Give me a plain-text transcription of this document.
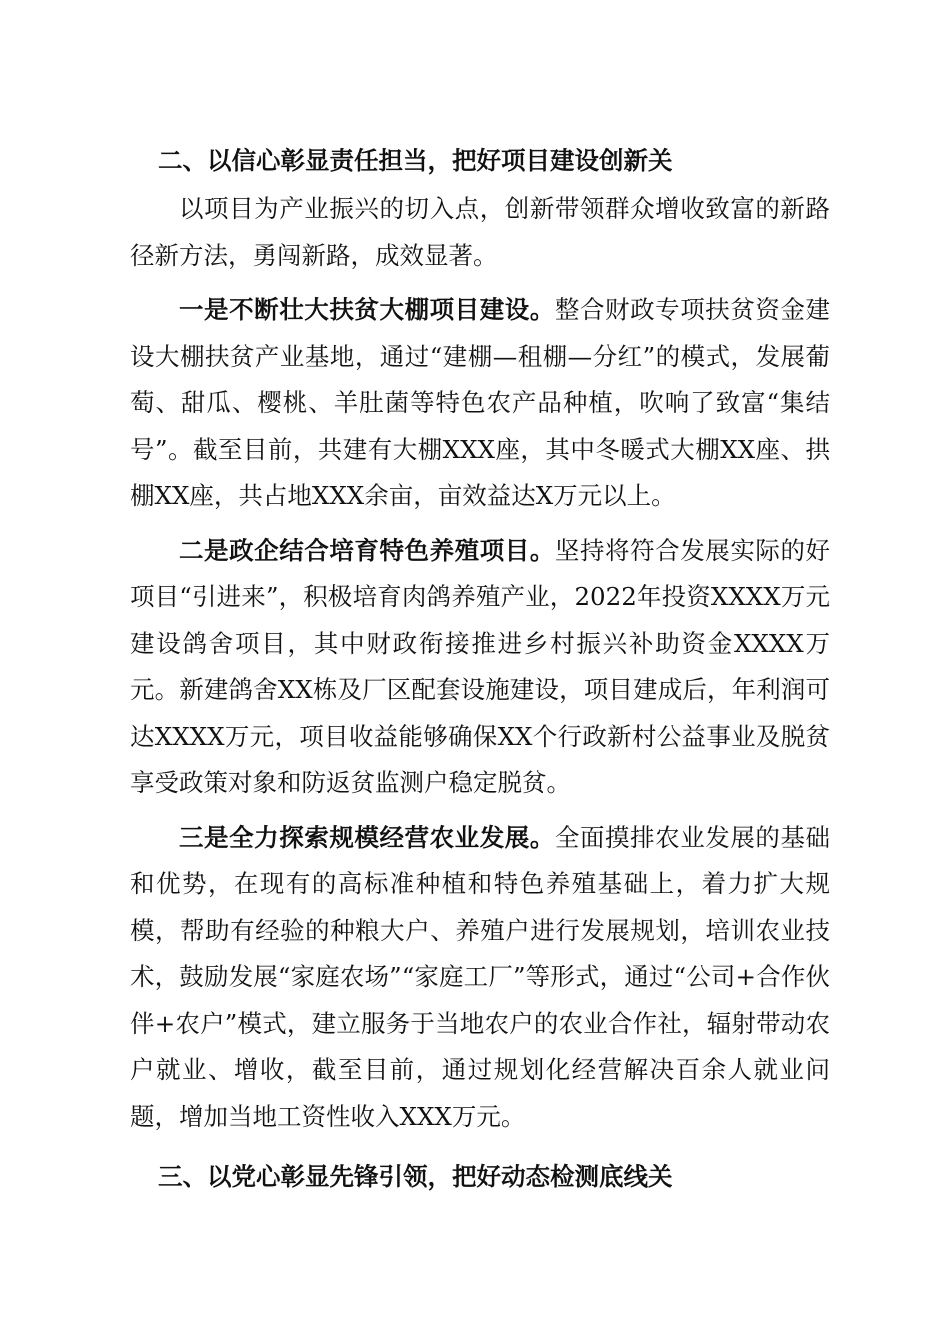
二、以信心彰显责任担当，把好项目建设创新关

以项目为产业振兴的切入点，创新带领群众增收致富的新路径新方法，勇闯新路，成效显著。

一是不断壮大扶贫大棚项目建设。整合财政专项扶贫资金建设大棚扶贫产业基地，通过“建棚—租棚—分红”的模式，发展葡萄、甜瓜、樱桃、羊肚菌等特色农产品种植，吹响了致富“集结号”。截至目前，共建有大棚XXX座，其中冬暖式大棚XX座、拱棚XX座，共占地XXX余亩，亩效益达X万元以上。

二是政企结合培育特色养殖项目。坚持将符合发展实际的好项目“引进来”，积极培育肉鸽养殖产业，2022年投资XXXX万元建设鸽舍项目，其中财政衔接推进乡村振兴补助资金XXXX万元。新建鸽舍XX栋及厂区配套设施建设，项目建成后，年利润可达XXXX万元，项目收益能够确保XX个行政新村公益事业及脱贫享受政策对象和防返贫监测户稳定脱贫。

三是全力探索规模经营农业发展。全面摸排农业发展的基础和优势，在现有的高标准种植和特色养殖基础上，着力扩大规模，帮助有经验的种粮大户、养殖户进行发展规划，培训农业技术，鼓励发展“家庭农场”“家庭工厂”等形式，通过“公司+合作伙伴+农户”模式，建立服务于当地农户的农业合作社，辐射带动农户就业、增收，截至目前，通过规划化经营解决百余人就业问题，增加当地工资性收入XXX万元。

三、以党心彰显先锋引领，把好动态检测底线关
